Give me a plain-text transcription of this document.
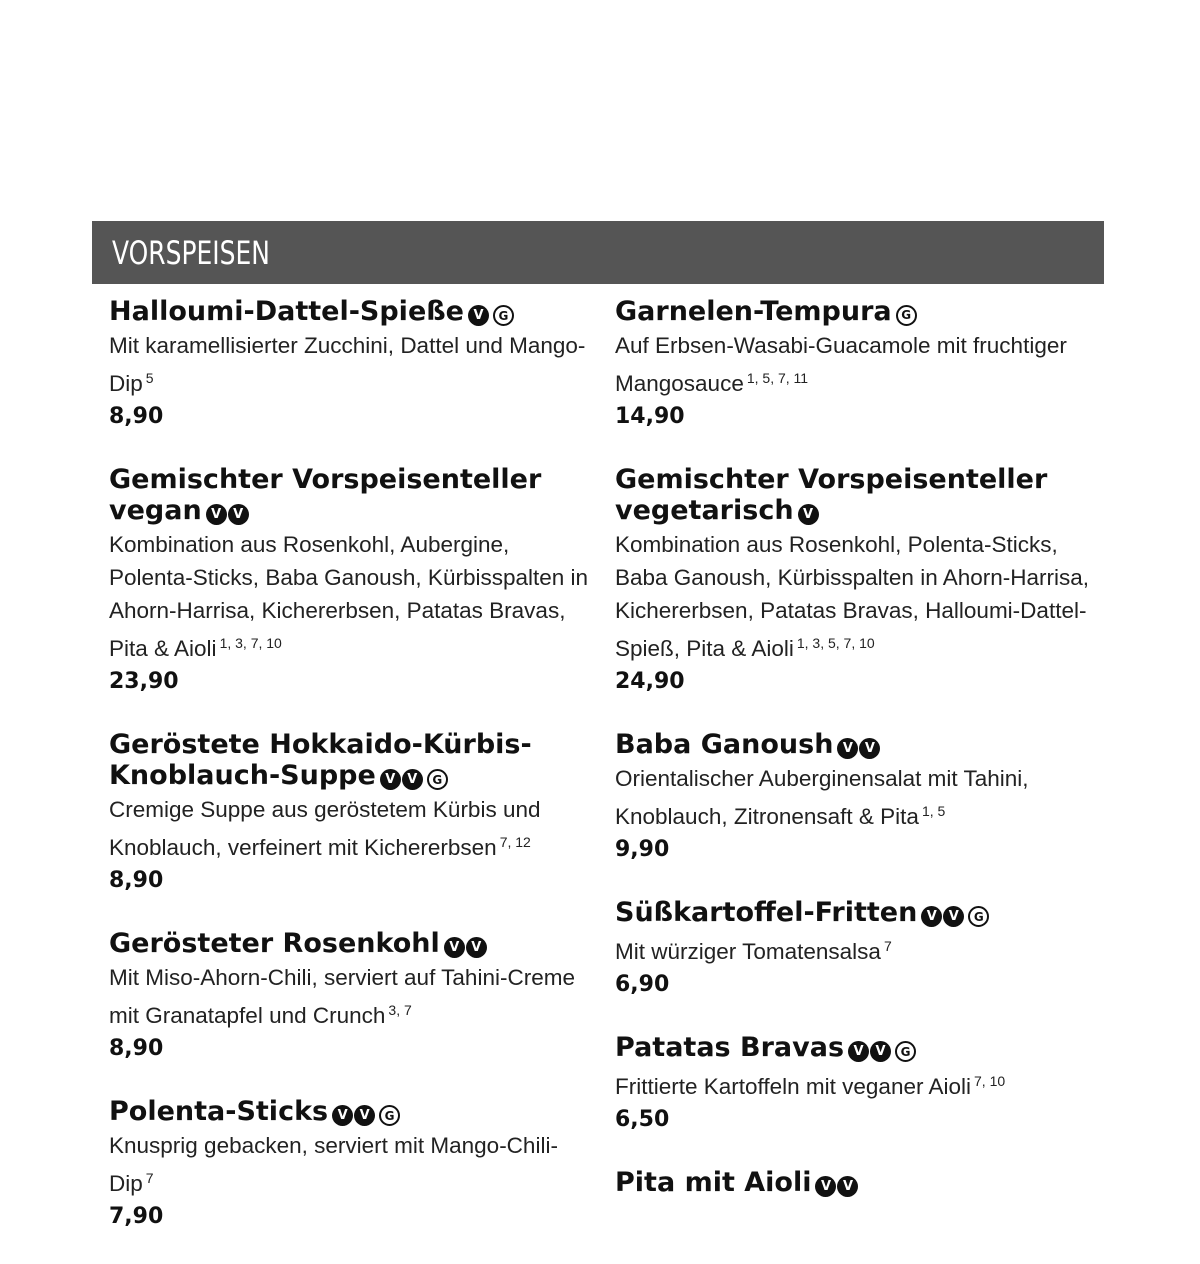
VORSPEISEN
Halloumi-Dattel-Spieße V	G
Mit karamellisierter Zucchini, Dattel und Mango-Dip $^5$
8,90
Gemischter Vorspeisenteller vegan V V
Kombination aus Rosenkohl, Aubergine, Polenta-Sticks, Baba Ganoush, Kürbisspalten in Ahorn-Harrisa, Kichererbsen, Patatas Bravas, Pita & Aioli $^{1, 3, 7, 10}$
23,90
Geröstete Hokkaido-Kürbis-Knoblauch-Suppe V V	G
Cremige Suppe aus geröstetem Kürbis und Knoblauch, verfeinert mit Kichererbsen $^{7, 12}$
8,90
Gerösteter Rosenkohl V V
Mit Miso-Ahorn-Chili, serviert auf Tahini-Creme mit Granatapfel und Crunch $^{3, 7}$
8,90
Polenta-Sticks V V	G
Knusprig gebacken, serviert mit Mango-Chili-Dip $^7$
7,90
Garnelen-Tempura G
Auf Erbsen-Wasabi-Guacamole mit fruchtiger Mangosauce $^{1, 5, 7, 11}$
14,90
Gemischter Vorspeisenteller vegetarisch V
Kombination aus Rosenkohl, Polenta-Sticks, Baba Ganoush, Kürbisspalten in Ahorn-Harrisa, Kichererbsen, Patatas Bravas, Halloumi-Dattel-Spieß, Pita & Aioli $^{1, 3, 5, 7, 10}$
24,90
Baba Ganoush V V
Orientalischer Auberginensalat mit Tahini, Knoblauch, Zitronensaft & Pita $^{1, 5}$
9,90
Süßkartoffel-Fritten V V	G
Mit würziger Tomatensalsa $^7$
6,90
Patatas Bravas V V	G
Frittierte Kartoffeln mit veganer Aioli $^{7, 10}$
6,50
Pita mit Aioli V V
